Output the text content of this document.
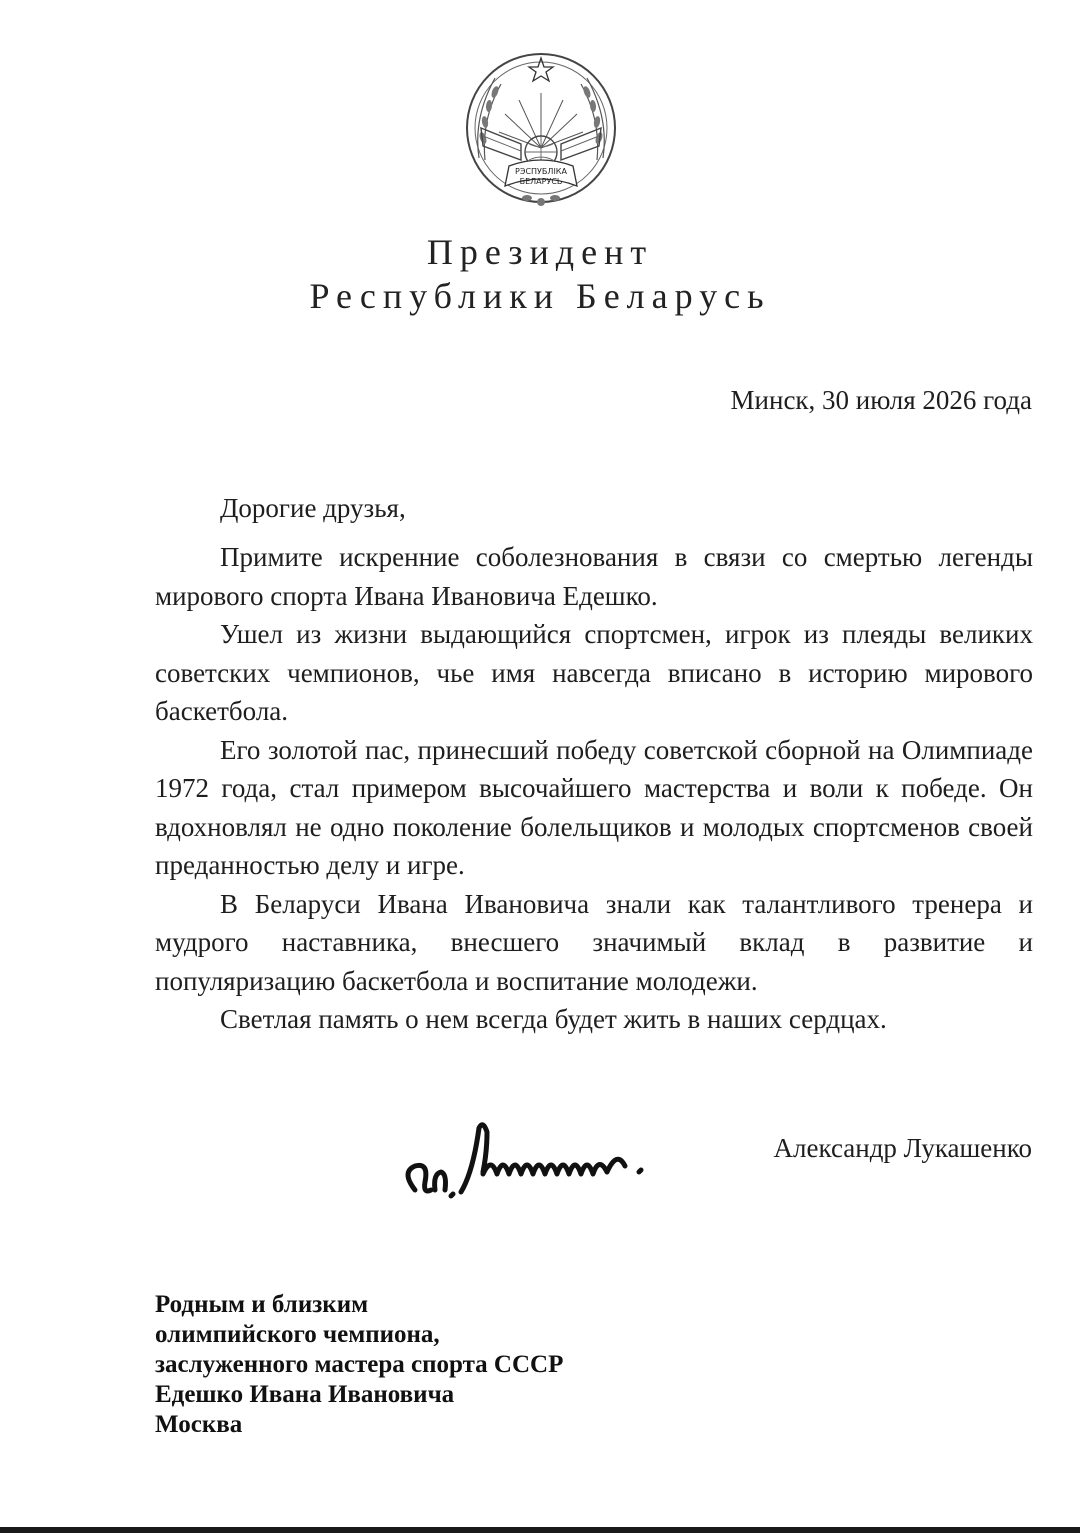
РЭСПУБЛІКА
БЕЛАРУСЬ
Президент
Республики Беларусь
Минск, 30 июля 2026 года
Дорогие друзья,

Примите искренние соболезнования в связи со смертью легенды мирового спорта Ивана Ивановича Едешко.

Ушел из жизни выдающийся спортсмен, игрок из плеяды великих советских чемпионов, чье имя навсегда вписано в историю мирового баскетбола.

Его золотой пас, принесший победу советской сборной на Олимпиаде 1972 года, стал примером высочайшего мастерства и воли к победе. Он вдохновлял не одно поколение болельщиков и молодых спортсменов своей преданностью делу и игре.

В Беларуси Ивана Ивановича знали как талантливого тренера и мудрого наставника, внесшего значимый вклад в развитие и популяризацию баскетбола и воспитание молодежи.

Светлая память о нем всегда будет жить в наших сердцах.

Александр Лукашенко
Родным и близким
олимпийского чемпиона,
заслуженного мастера спорта СССР
Едешко Ивана Ивановича
Москва
